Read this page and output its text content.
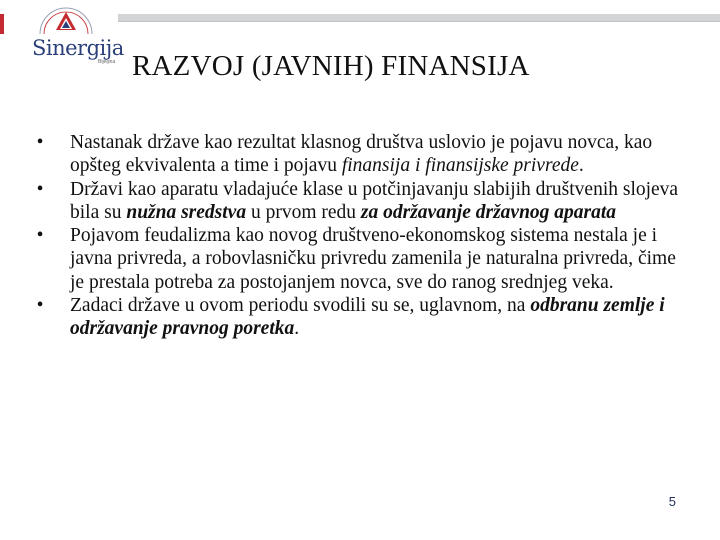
Sinergija
Bijeljina RAZVOJ (JAVNIH) FINANSIJA

•	Nastanak države kao rezultat klasnog društva uslovio je pojavu novca, kao opšteg ekvivalenta a time i pojavu finansija i finansijske privrede.

•	Državi kao aparatu vladajuće klase u potčinjavanju slabijih društvenih slojeva bila su nužna sredstva u prvom redu za održavanje državnog aparata

•	Pojavom feudalizma kao novog društveno-ekonomskog sistema nestala je i javna privreda, a robovlasničku privredu zamenila je naturalna privreda, čime je prestala potreba za postojanjem novca, sve do ranog srednjeg veka.

•	Zadaci države u ovom periodu svodili su se, uglavnom, na odbranu zemlje i održavanje pravnog poretka.

5
